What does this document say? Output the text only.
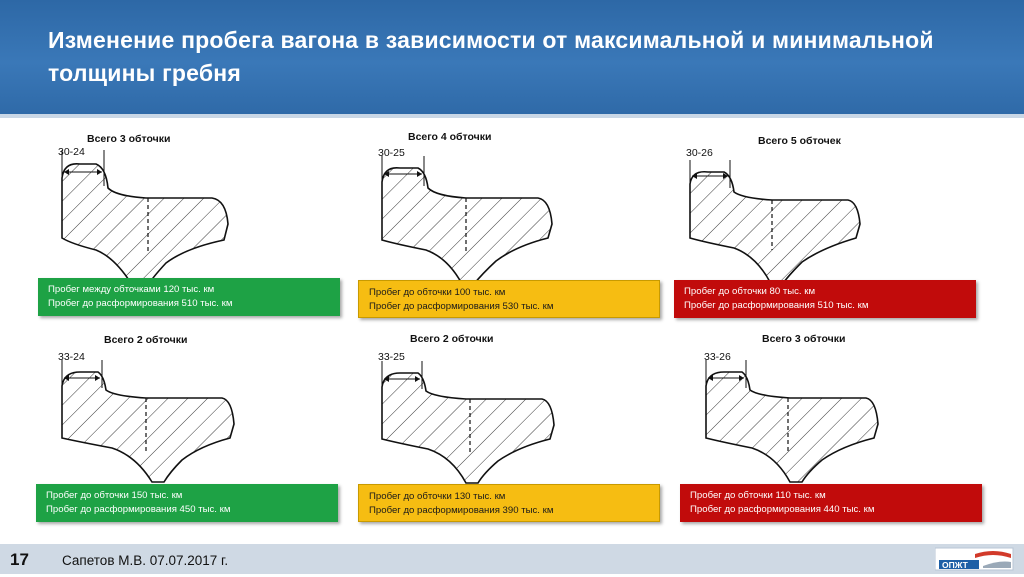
Изменение пробега вагона в зависимости от максимальной и минимальной толщины гребня
Всего 3 обточки
30-24
Пробег между обточками 120 тыс. км
Пробег до расформирования 510 тыс. км
Всего 4 обточки
30-25
Пробег до обточки 100 тыс. км
Пробег до расформирования 530 тыс. км
Всего 5 обточек
30-26
Пробег до обточки 80 тыс. км
Пробег до расформирования 510 тыс. км
Всего 2 обточки
33-24
Пробег до обточки 150 тыс. км
Пробег до расформирования 450 тыс. км
Всего 2 обточки
33-25
Пробег до обточки 130 тыс. км
Пробег до расформирования 390 тыс. км
Всего 3 обточки
33-26
Пробег до обточки 110 тыс. км
Пробег до расформирования 440 тыс. км
17 Сапетов М.В. 07.07.2017 г.	ОПЖТ
